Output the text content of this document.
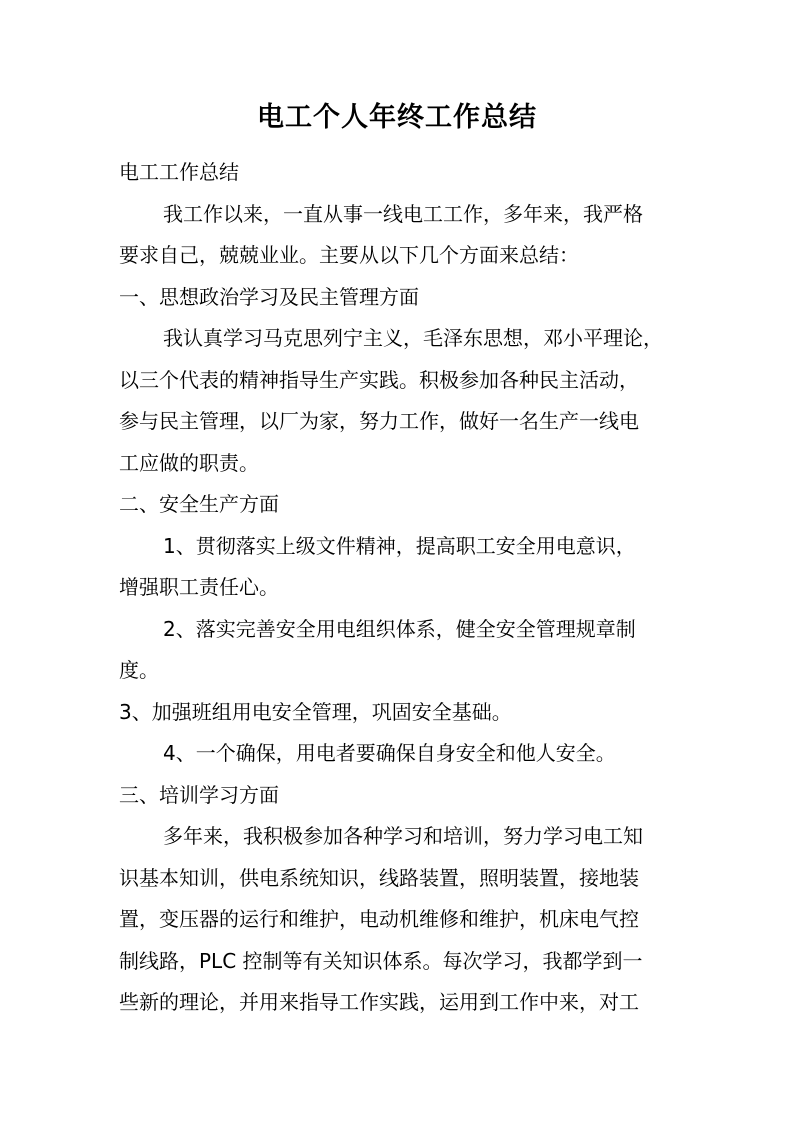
电工个人年终工作总结

电工工作总结

我工作以来，一直从事一线电工工作，多年来，我严格

要求自己，兢兢业业。主要从以下几个方面来总结：

一、思想政治学习及民主管理方面

我认真学习马克思列宁主义，毛泽东思想，邓小平理论，

以三个代表的精神指导生产实践。积极参加各种民主活动，

参与民主管理，以厂为家，努力工作，做好一名生产一线电

工应做的职责。

二、安全生产方面

1、贯彻落实上级文件精神，提高职工安全用电意识，

增强职工责任心。

2、落实完善安全用电组织体系，健全安全管理规章制

度。

3、加强班组用电安全管理，巩固安全基础。

4、一个确保，用电者要确保自身安全和他人安全。

三、培训学习方面

多年来，我积极参加各种学习和培训，努力学习电工知

识基本知训，供电系统知识，线路装置，照明装置，接地装

置，变压器的运行和维护，电动机维修和维护，机床电气控

制线路，PLC 控制等有关知识体系。每次学习，我都学到一

些新的理论，并用来指导工作实践，运用到工作中来，对工
